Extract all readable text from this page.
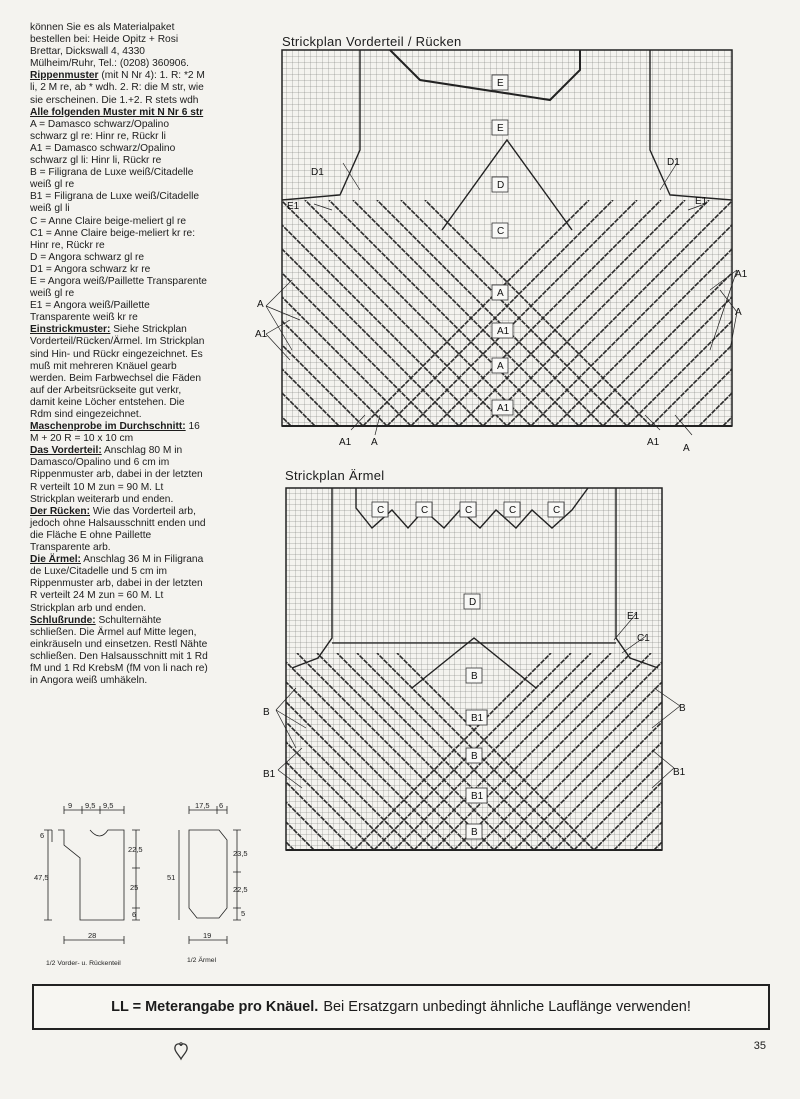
können Sie es als Materialpaket bestellen bei: Heide Opitz + Rosi Brettar, Dickswall 4, 4330 Mülheim/Ruhr, Tel.: (0208) 360906.

Rippenmuster (mit N Nr 4): 1. R: *2 M li, 2 M re, ab * wdh. 2. R: die M str, wie sie erscheinen. Die 1.+2. R stets wdh

Alle folgenden Muster mit N Nr 6 str

A = Damasco schwarz/Opalino schwarz gl re: Hinr re, Rückr li

A1 = Damasco schwarz/Opalino schwarz gl li: Hinr li, Rückr re

B = Filigrana de Luxe weiß/Citadelle weiß gl re

B1 = Filigrana de Luxe weiß/Citadelle weiß gl li

C = Anne Claire beige-meliert gl re

C1 = Anne Claire beige-meliert kr re: Hinr re, Rückr re

D = Angora schwarz gl re

D1 = Angora schwarz kr re

E = Angora weiß/Paillette Transparente weiß gl re

E1 = Angora weiß/Paillette Transparente weiß kr re

Einstrickmuster: Siehe Strickplan Vorderteil/Rücken/Ärmel. Im Strickplan sind Hin- und Rückr eingezeichnet. Es muß mit mehreren Knäuel gearb werden. Beim Farbwechsel die Fäden auf der Arbeitsrückseite gut verkr, damit keine Löcher entstehen. Die Rdm sind eingezeichnet.

Maschenprobe im Durchschnitt: 16 M + 20 R = 10 x 10 cm

Das Vorderteil: Anschlag 80 M in Damasco/Opalino und 6 cm im Rippenmuster arb, dabei in der letzten R verteilt 10 M zun = 90 M. Lt Strickplan weiterarb und enden.

Der Rücken: Wie das Vorderteil arb, jedoch ohne Halsausschnitt enden und die Fläche E ohne Paillette Transparente arb.

Die Ärmel: Anschlag 36 M in Filigrana de Luxe/Citadelle und 5 cm im Rippenmuster arb, dabei in der letzten R verteilt 24 M zun = 60 M. Lt Strickplan arb und enden.

Schlußrunde: Schulternähte schließen. Die Ärmel auf Mitte legen, einkräuseln und einsetzen. Restl Nähte schließen. Den Halsausschnitt mit 1 Rd fM und 1 Rd KrebsM (fM von li nach re) in Angora weiß umhäkeln.

Strickplan Vorderteil / Rücken
E
E
D
C
A
A1
A
A1
D1
D1
E1	E1
A1
A
A
A1
A1 A	A1
A
Strickplan Ärmel
C	C	C	C	C
D
B
B1
B
B1
B
E1
C1
B	B
B1	B1
9 9,5 9,5
6
47,5
22,5
25
6
28
1/2 Vorder- u. Rückenteil
17,5 6
51
23,5
22,5
5
19
1/2 Ärmel
LL = Meterangabe pro Knäuel. Bei Ersatzgarn unbedingt ähnliche Lauflänge verwenden!
35
